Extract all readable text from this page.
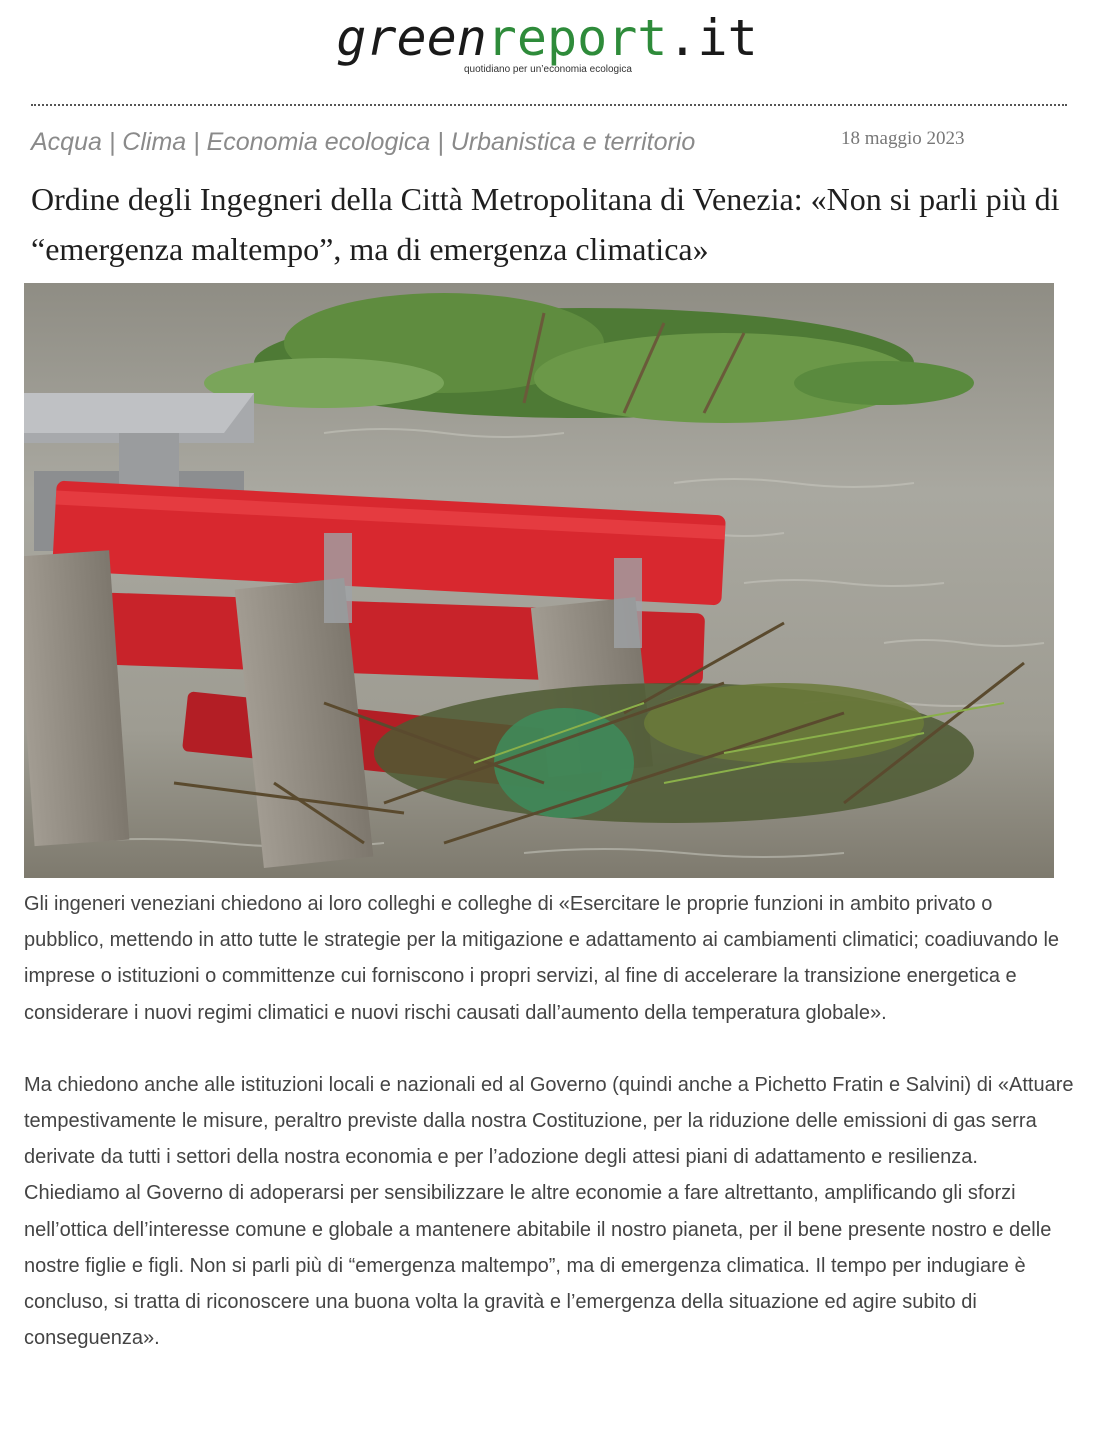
greenreport.it
quotidiano per un’economia ecologica
Acqua | Clima | Economia ecologica | Urbanistica e territorio	18 maggio 2023
Ordine degli Ingegneri della Città Metropolitana di Venezia: «Non si parli più di “emergenza maltempo”, ma di emergenza climatica»

Gli ingeneri veneziani chiedono ai loro colleghi e colleghe di «Esercitare le proprie funzioni in ambito privato o pubblico, mettendo in atto tutte le strategie per la mitigazione e adattamento ai cambiamenti climatici; coadiuvando le imprese o istituzioni o committenze cui forniscono i propri servizi, al fine di accelerare la transizione energetica e considerare i nuovi regimi climatici e nuovi rischi causati dall’aumento della temperatura globale».

Ma chiedono anche alle istituzioni locali e nazionali ed al Governo (quindi anche a Pichetto Fratin e Salvini) di «Attuare tempestivamente le misure, peraltro previste dalla nostra Costituzione, per la riduzione delle emissioni di gas serra derivate da tutti i settori della nostra economia e per l’adozione degli attesi piani di adattamento e resilienza. Chiediamo al Governo di adoperarsi per sensibilizzare le altre economie a fare altrettanto, amplificando gli sforzi nell’ottica dell’interesse comune e globale a mantenere abitabile il nostro pianeta, per il bene presente nostro e delle nostre figlie e figli. Non si parli più di “emergenza maltempo”, ma di emergenza climatica. Il tempo per indugiare è concluso, si tratta di riconoscere una buona volta la gravità e l’emergenza della situazione ed agire subito di conseguenza».
